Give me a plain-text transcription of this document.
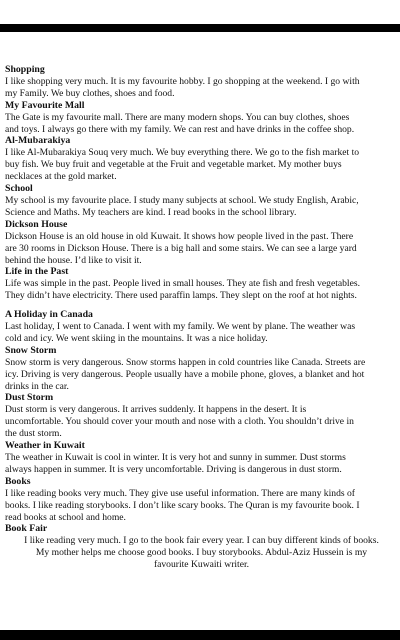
Shopping

I like shopping very much. It is my favourite hobby. I go shopping at the weekend. I go with

my Family. We buy clothes, shoes and food.

My Favourite Mall

The Gate is my favourite mall. There are many modern shops. You can buy clothes, shoes

and toys. I always go there with my family. We can rest and have drinks in the coffee shop.

Al-Mubarakiya

I like Al-Mubarakiya Souq very much. We buy everything there. We go to the fish market to

buy fish. We buy fruit and vegetable at the Fruit and vegetable market. My mother buys

necklaces at the gold market.

School

My school is my favourite place. I study many subjects at school. We study English, Arabic,

Science and Maths. My teachers are kind. I read books in the school library.

Dickson House

Dickson House is an old house in old Kuwait. It shows how people lived in the past. There

are 30 rooms in Dickson House. There is a big hall and some stairs. We can see a large yard

behind the house. I’d like to visit it.

Life in the Past

Life was simple in the past. People lived in small houses. They ate fish and fresh vegetables.

They didn’t have electricity. There used paraffin lamps. They slept on the roof at hot nights.

A Holiday in Canada

Last holiday, I went to Canada. I went with my family. We went by plane. The weather was

cold and icy. We went skiing in the mountains. It was a nice holiday.

Snow Storm

Snow storm is very dangerous. Snow storms happen in cold countries like Canada. Streets are

icy. Driving is very dangerous. People usually have a mobile phone, gloves, a blanket and hot

drinks in the car.

Dust Storm

Dust storm is very dangerous. It arrives suddenly. It happens in the desert. It is

uncomfortable. You should cover your mouth and nose with a cloth. You shouldn’t drive in

the dust storm.

Weather in Kuwait

The weather in Kuwait is cool in winter. It is very hot and sunny in summer. Dust storms

always happen in summer. It is very uncomfortable. Driving is dangerous in dust storm.

Books

I like reading books very much. They give use useful information. There are many kinds of

books. I like reading storybooks. I don’t like scary books. The Quran is my favourite book. I

read books at school and home.

Book Fair

I like reading very much. I go to the book fair every year. I can buy different kinds of books.

My mother helps me choose good books. I buy storybooks. Abdul-Aziz Hussein is my

favourite Kuwaiti writer.
